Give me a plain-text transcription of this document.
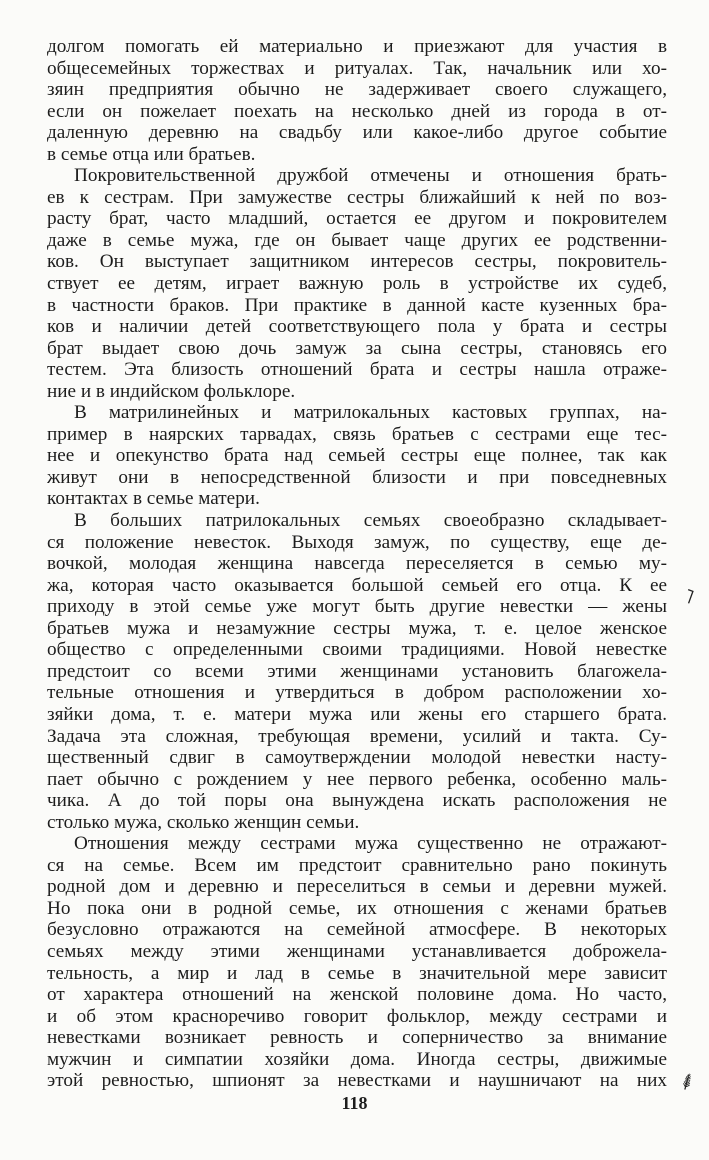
долгом помогать ей материально и приезжают для участия в
общесемейных торжествах и ритуалах. Так, начальник или хо-
зяин предприятия обычно не задерживает своего служащего,
если он пожелает поехать на несколько дней из города в от-
даленную деревню на свадьбу или какое-либо другое событие
в семье отца или братьев.
Покровительственной дружбой отмечены и отношения брать-
ев к сестрам. При замужестве сестры ближайший к ней по воз-
расту брат, часто младший, остается ее другом и покровителем
даже в семье мужа, где он бывает чаще других ее родственни-
ков. Он выступает защитником интересов сестры, покровитель-
ствует ее детям, играет важную роль в устройстве их судеб,
в частности браков. При практике в данной касте кузенных бра-
ков и наличии детей соответствующего пола у брата и сестры
брат выдает свою дочь замуж за сына сестры, становясь его
тестем. Эта близость отношений брата и сестры нашла отраже-
ние и в индийском фольклоре.
В матрилинейных и матрилокальных кастовых группах, на-
пример в наярских тарвадах, связь братьев с сестрами еще тес-
нее и опекунство брата над семьей сестры еще полнее, так как
живут они в непосредственной близости и при повседневных
контактах в семье матери.
В больших патрилокальных семьях своеобразно складывает-
ся положение невесток. Выходя замуж, по существу, еще де-
вочкой, молодая женщина навсегда переселяется в семью му-
жа, которая часто оказывается большой семьей его отца. К ее
приходу в этой семье уже могут быть другие невестки — жены
братьев мужа и незамужние сестры мужа, т. е. целое женское
общество с определенными своими традициями. Новой невестке
предстоит со всеми этими женщинами установить благожела-
тельные отношения и утвердиться в добром расположении хо-
зяйки дома, т. е. матери мужа или жены его старшего брата.
Задача эта сложная, требующая времени, усилий и такта. Су-
щественный сдвиг в самоутверждении молодой невестки насту-
пает обычно с рождением у нее первого ребенка, особенно маль-
чика. А до той поры она вынуждена искать расположения не
столько мужа, сколько женщин семьи.
Отношения между сестрами мужа существенно не отражают-
ся на семье. Всем им предстоит сравнительно рано покинуть
родной дом и деревню и переселиться в семьи и деревни мужей.
Но пока они в родной семье, их отношения с женами братьев
безусловно отражаются на семейной атмосфере. В некоторых
семьях между этими женщинами устанавливается доброжела-
тельность, а мир и лад в семье в значительной мере зависит
от характера отношений на женской половине дома. Но часто,
и об этом красноречиво говорит фольклор, между сестрами и
невестками возникает ревность и соперничество за внимание
мужчин и симпатии хозяйки дома. Иногда сестры, движимые
этой ревностью, шпионят за невестками и наушничают на них
118
˥
⸙
